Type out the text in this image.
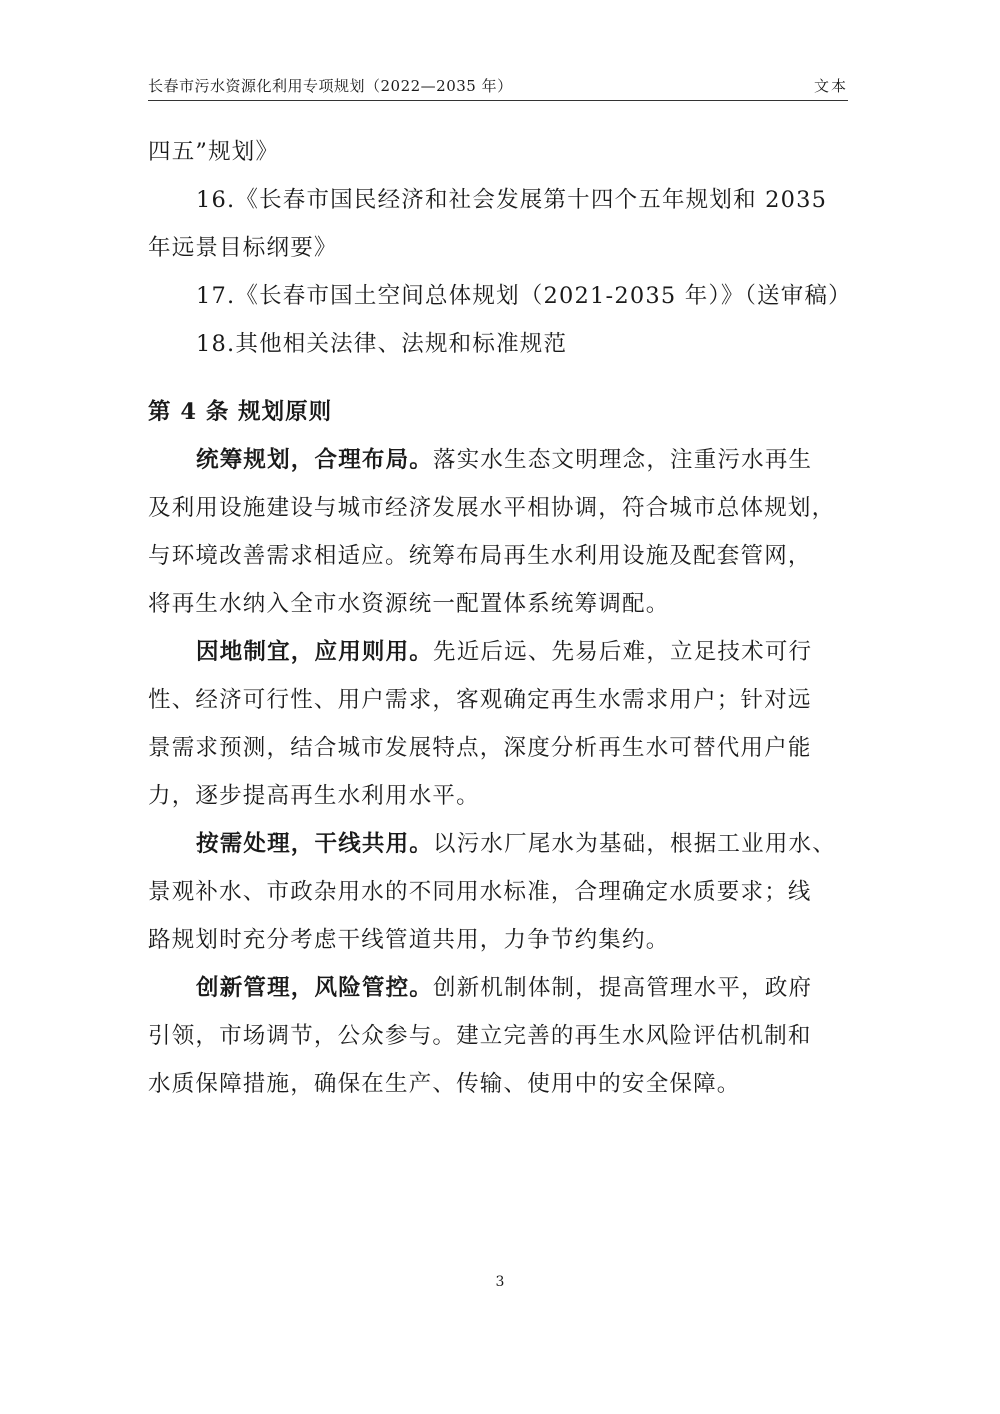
长春市污水资源化利用专项规划（2022—2035 年）	文本

四五”规划》

16.《长春市国民经济和社会发展第十四个五年规划和 2035

年远景目标纲要》

17.《长春市国土空间总体规划（2021-2035 年）》（送审稿）

18.其他相关法律、法规和标准规范

第 4 条 规划原则

统筹规划，合理布局。落实水生态文明理念，注重污水再生

及利用设施建设与城市经济发展水平相协调，符合城市总体规划，

与环境改善需求相适应。统筹布局再生水利用设施及配套管网，

将再生水纳入全市水资源统一配置体系统筹调配。

因地制宜，应用则用。先近后远、先易后难，立足技术可行

性、经济可行性、用户需求，客观确定再生水需求用户；针对远

景需求预测，结合城市发展特点，深度分析再生水可替代用户能

力，逐步提高再生水利用水平。

按需处理，干线共用。以污水厂尾水为基础，根据工业用水、

景观补水、市政杂用水的不同用水标准，合理确定水质要求；线

路规划时充分考虑干线管道共用，力争节约集约。

创新管理，风险管控。创新机制体制，提高管理水平，政府

引领，市场调节，公众参与。建立完善的再生水风险评估机制和

水质保障措施，确保在生产、传输、使用中的安全保障。

3
